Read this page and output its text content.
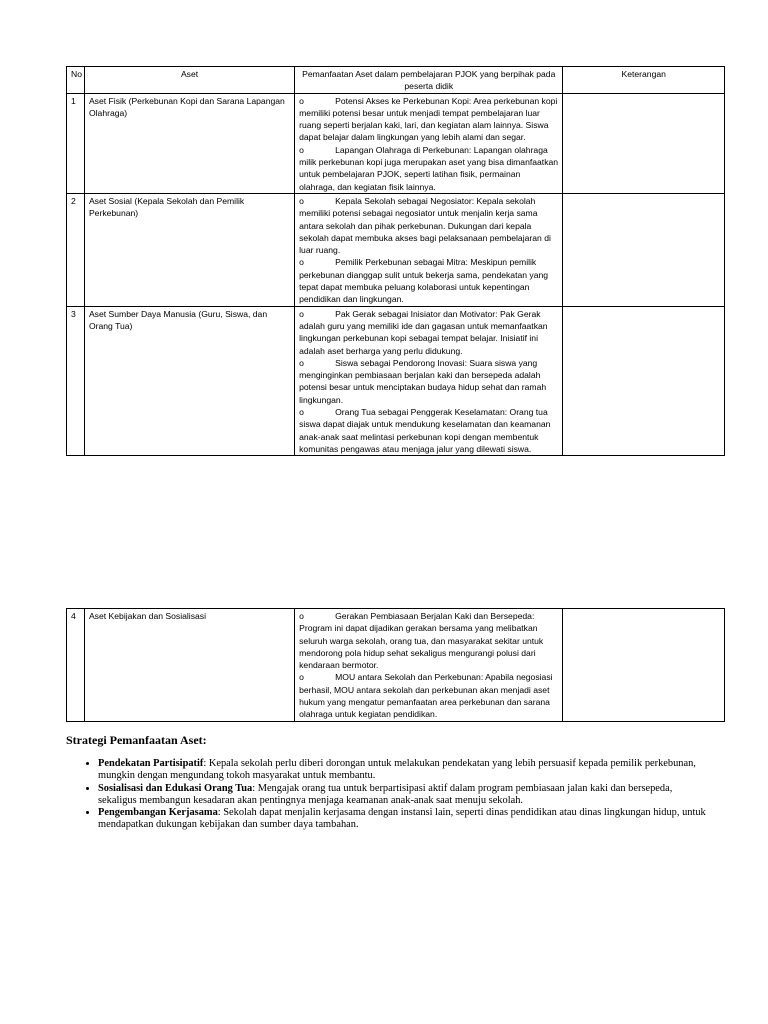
No	Aset	Pemanfaatan Aset dalam pembelajaran PJOK yang berpihak pada peserta didik	Keterangan
1	Aset Fisik (Perkebunan Kopi dan Sarana Lapangan Olahraga)	o Potensi Akses ke Perkebunan Kopi: Area perkebunan kopi memiliki potensi besar untuk menjadi tempat pembelajaran luar ruang seperti berjalan kaki, lari, dan kegiatan alam lainnya. Siswa dapat belajar dalam lingkungan yang lebih alami dan segar.
o Lapangan Olahraga di Perkebunan: Lapangan olahraga milik perkebunan kopi juga merupakan aset yang bisa dimanfaatkan untuk pembelajaran PJOK, seperti latihan fisik, permainan olahraga, dan kegiatan fisik lainnya.	

2	Aset Sosial (Kepala Sekolah dan Pemilik Perkebunan)	o Kepala Sekolah sebagai Negosiator: Kepala sekolah memiliki potensi sebagai negosiator untuk menjalin kerja sama antara sekolah dan pihak perkebunan. Dukungan dari kepala sekolah dapat membuka akses bagi pelaksanaan pembelajaran di luar ruang.
o Pemilik Perkebunan sebagai Mitra: Meskipun pemilik perkebunan dianggap sulit untuk bekerja sama, pendekatan yang tepat dapat membuka peluang kolaborasi untuk kepentingan pendidikan dan lingkungan.	

3	Aset Sumber Daya Manusia (Guru, Siswa, dan Orang Tua)	o Pak Gerak sebagai Inisiator dan Motivator: Pak Gerak adalah guru yang memiliki ide dan gagasan untuk memanfaatkan lingkungan perkebunan kopi sebagai tempat belajar. Inisiatif ini adalah aset berharga yang perlu didukung.
o Siswa sebagai Pendorong Inovasi: Suara siswa yang menginginkan pembiasaan berjalan kaki dan bersepeda adalah potensi besar untuk menciptakan budaya hidup sehat dan ramah lingkungan.
o Orang Tua sebagai Penggerak Keselamatan: Orang tua siswa dapat diajak untuk mendukung keselamatan dan keamanan anak-anak saat melintasi perkebunan kopi dengan membentuk komunitas pengawas atau menjaga jalur yang dilewati siswa.	

4	Aset Kebijakan dan Sosialisasi	o	Gerakan Pembiasaan Berjalan Kaki dan Bersepeda: Program ini dapat dijadikan gerakan bersama yang melibatkan seluruh warga sekolah, orang tua, dan masyarakat sekitar untuk mendorong pola hidup sehat sekaligus mengurangi polusi dari kendaraan bermotor.
o	MOU antara Sekolah dan Perkebunan: Apabila negosiasi berhasil, MOU antara sekolah dan perkebunan akan menjadi aset hukum yang mengatur pemanfaatan area perkebunan dan sarana olahraga untuk kegiatan pendidikan.

Strategi Pemanfaatan Aset:
• Pendekatan Partisipatif: Kepala sekolah perlu diberi dorongan untuk melakukan pendekatan yang lebih persuasif kepada pemilik perkebunan, mungkin dengan mengundang tokoh masyarakat untuk membantu.
• Sosialisasi dan Edukasi Orang Tua: Mengajak orang tua untuk berpartisipasi aktif dalam program pembiasaan jalan kaki dan bersepeda, sekaligus membangun kesadaran akan pentingnya menjaga keamanan anak-anak saat menuju sekolah.
• Pengembangan Kerjasama: Sekolah dapat menjalin kerjasama dengan instansi lain, seperti dinas pendidikan atau dinas lingkungan hidup, untuk mendapatkan dukungan kebijakan dan sumber daya tambahan.
